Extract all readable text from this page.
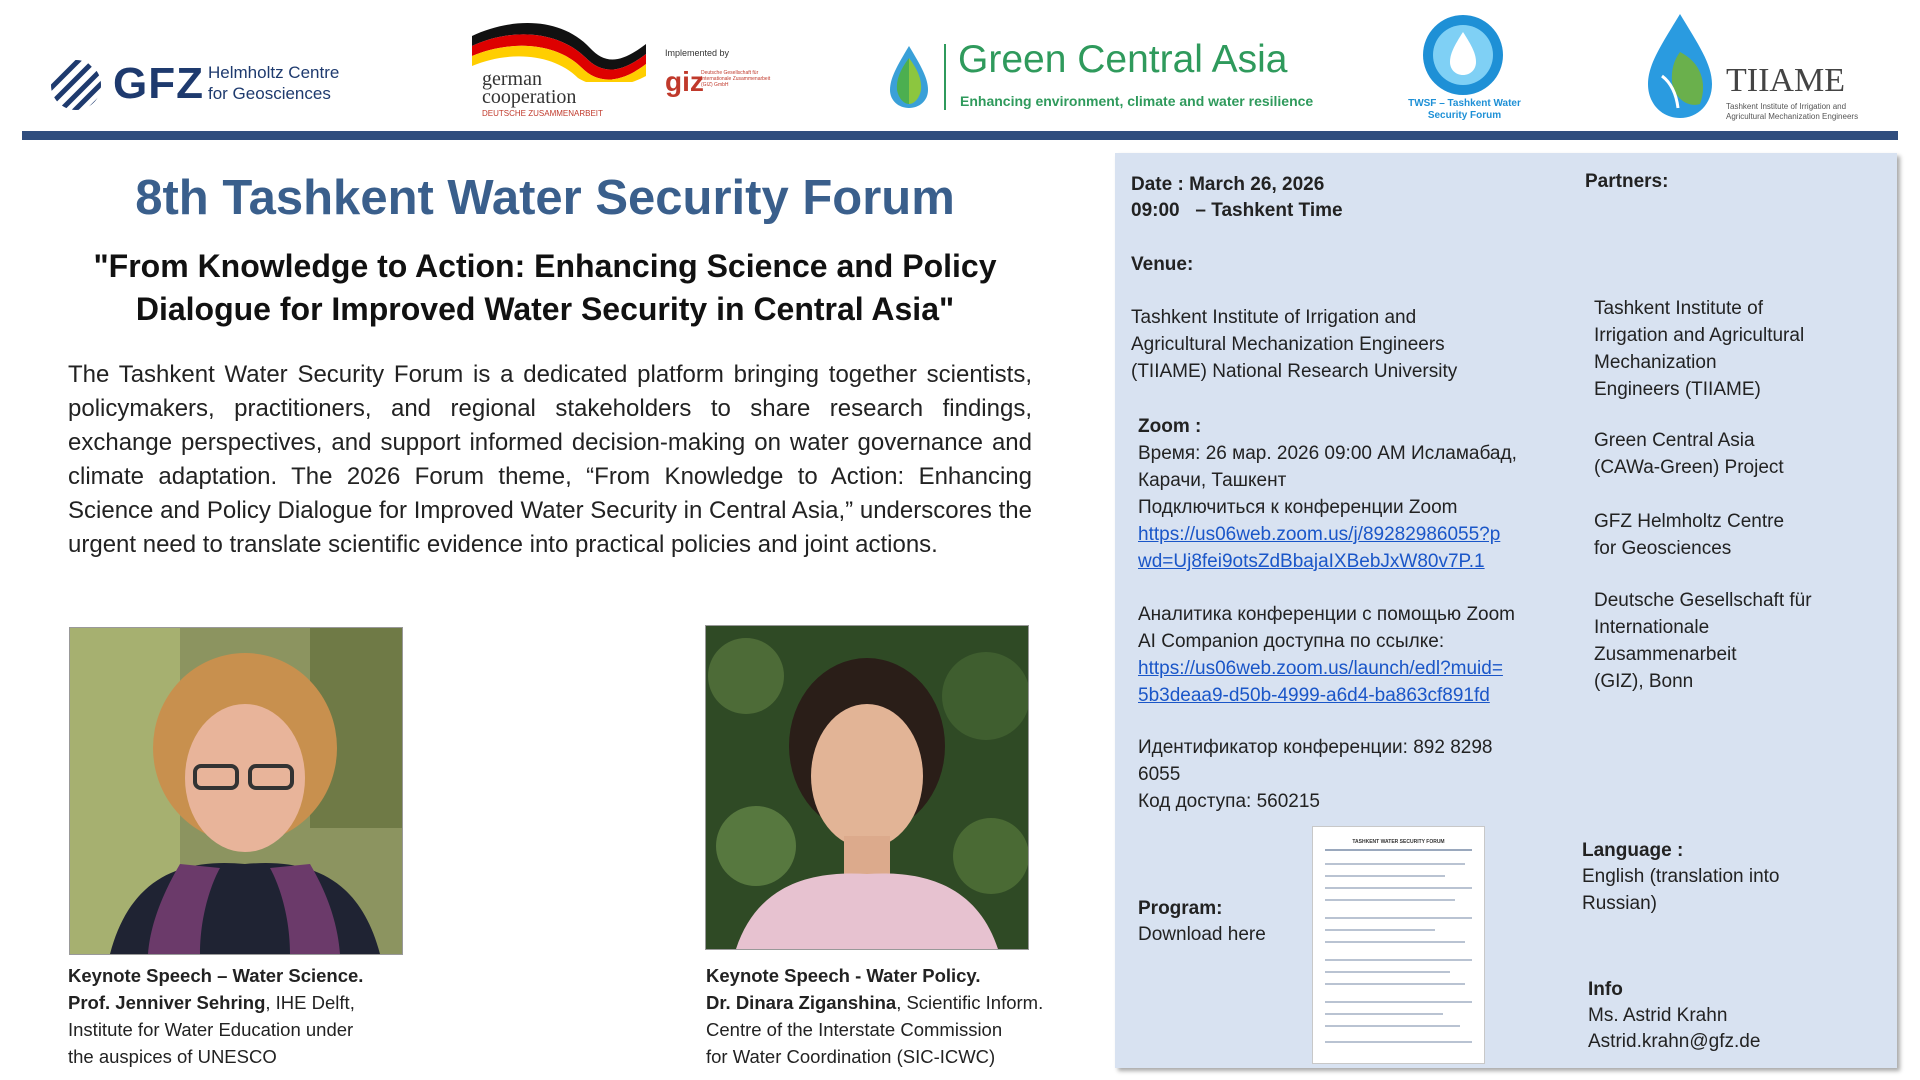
GFZ Helmholtz Centre
for Geosciences
german
cooperation
DEUTSCHE ZUSAMMENARBEIT
Implemented by
giz
Deutsche Gesellschaft für Internationale Zusammenarbeit (GIZ) GmbH
Green Central Asia
Enhancing environment, climate and water resilience	TWSF – Tashkent Water
Security Forum
TIIAME
Tashkent Institute of Irrigation and
Agricultural Mechanization Engineers
8th Tashkent Water Security Forum
"From Knowledge to Action: Enhancing Science and Policy
Dialogue for Improved Water Security in Central Asia"
The Tashkent Water Security Forum is a dedicated platform bringing together scientists, policymakers, practitioners, and regional stakeholders to share research findings, exchange perspectives, and support informed decision-making on water governance and climate adaptation. The 2026 Forum theme, “From Knowledge to Action: Enhancing Science and Policy Dialogue for Improved Water Security in Central Asia,” underscores the urgent need to translate scientific evidence into practical policies and joint actions.
Keynote Speech – Water Science.
Prof. Jenniver Sehring, IHE Delft,
Institute for Water Education under
the auspices of UNESCO
Keynote Speech - Water Policy.
Dr. Dinara Ziganshina, Scientific Inform.
Centre of the Interstate Commission
for Water Coordination (SIC-ICWC)
Date : March 26, 2026
09:00   – Tashkent Time
Venue:
Tashkent Institute of Irrigation and
Agricultural Mechanization Engineers
(TIIAME) National Research University
Zoom :
Время: 26 мар. 2026 09:00 AM Исламабад,
Карачи, Ташкент
Подключиться к конференции Zoom
https://us06web.zoom.us/j/89282986055?p
wd=Uj8fei9otsZdBbajaIXBebJxW80v7P.1
Аналитика конференции с помощью Zoom
AI Companion доступна по ссылке:
https://us06web.zoom.us/launch/edl?muid=
5b3deaa9-d50b-4999-a6d4-ba863cf891fd
Идентификатор конференции: 892 8298
6055
Код доступа: 560215
Program:
Download here
TASHKENT WATER SECURITY FORUM
Partners:
Tashkent Institute of
Irrigation and Agricultural
Mechanization
Engineers (TIIAME)
Green Central Asia
(CAWa-Green) Project
GFZ Helmholtz Centre
for Geosciences
Deutsche Gesellschaft für
Internationale
Zusammenarbeit
(GIZ), Bonn
Language :
English (translation into
Russian)
Info
Ms. Astrid Krahn
Astrid.krahn@gfz.de
